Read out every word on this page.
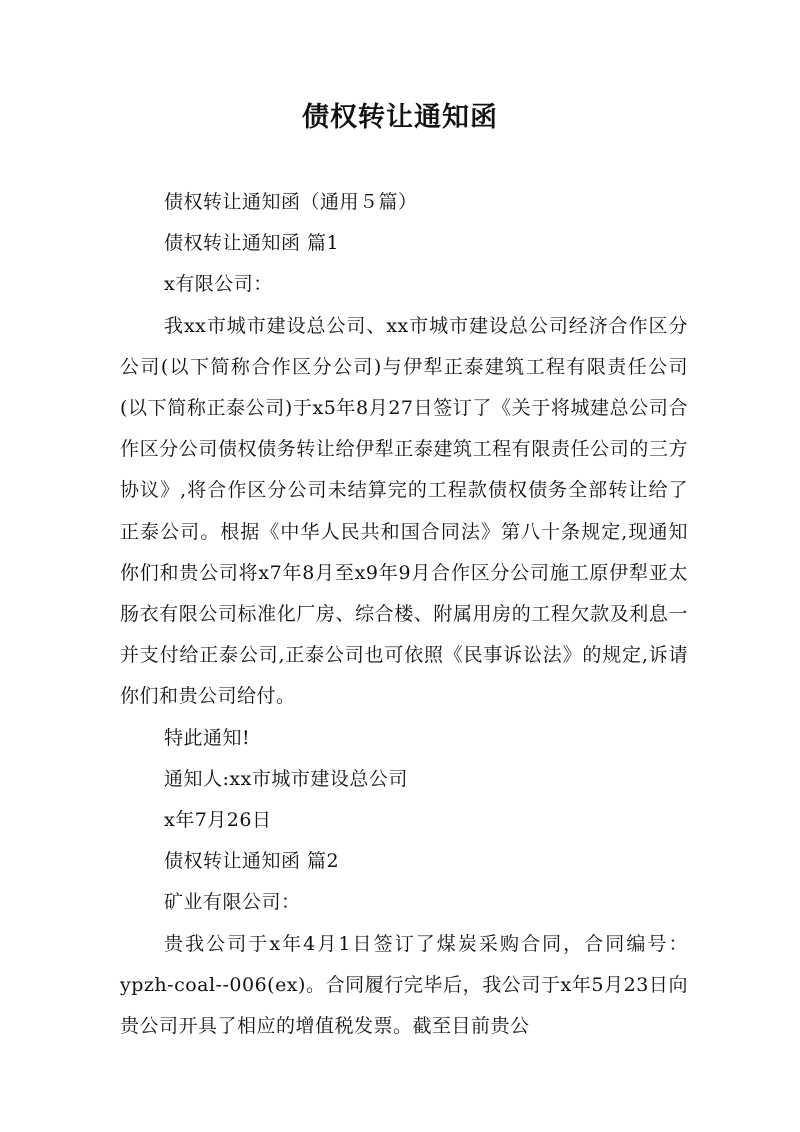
债权转让通知函

债权转让通知函（通用５篇）

债权转让通知函 篇1

x有限公司：

我xx市城市建设总公司、xx市城市建设总公司经济合作区分公司(以下简称合作区分公司)与伊犁正泰建筑工程有限责任公司(以下简称正泰公司)于x5年8月27日签订了《关于将城建总公司合作区分公司债权债务转让给伊犁正泰建筑工程有限责任公司的三方协议》,将合作区分公司未结算完的工程款债权债务全部转让给了正泰公司。根据《中华人民共和国合同法》第八十条规定,现通知你们和贵公司将x7年8月至x9年9月合作区分公司施工原伊犁亚太肠衣有限公司标准化厂房、综合楼、附属用房的工程欠款及利息一并支付给正泰公司,正泰公司也可依照《民事诉讼法》的规定,诉请你们和贵公司给付。

特此通知!

通知人:xx市城市建设总公司

x年7月26日

债权转让通知函 篇2

矿业有限公司：

贵我公司于x年4月1日签订了煤炭采购合同，合同编号：ypzh-coal--006(ex)。合同履行完毕后，我公司于x年5月23日向贵公司开具了相应的增值税发票。截至目前贵公
